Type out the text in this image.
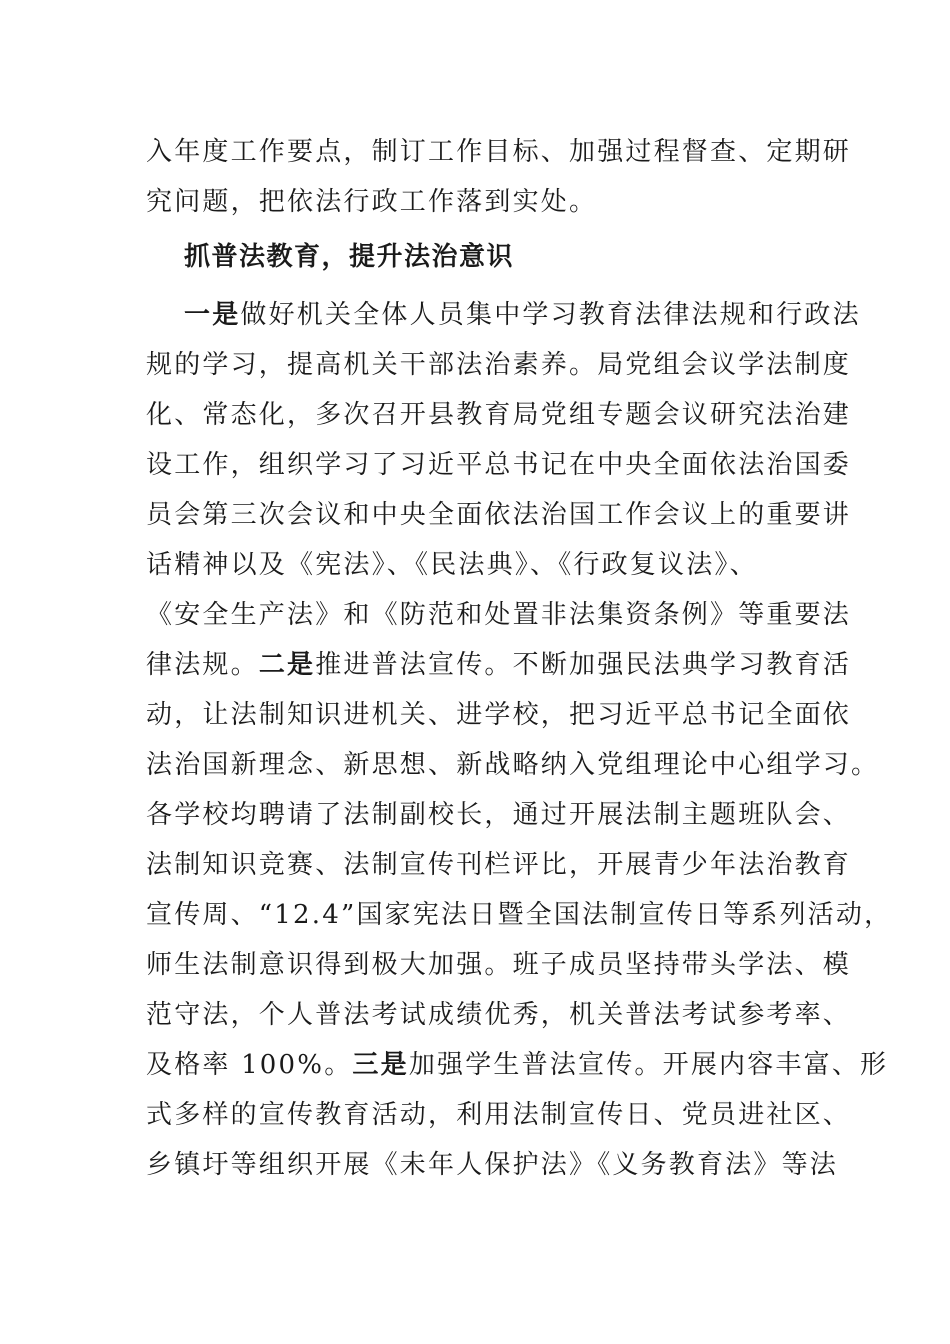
入年度工作要点，制订工作目标、加强过程督查、定期研
究问题，把依法行政工作落到实处。
抓普法教育，提升法治意识
一是做好机关全体人员集中学习教育法律法规和行政法
规的学习，提高机关干部法治素养。局党组会议学法制度
化、常态化，多次召开县教育局党组专题会议研究法治建
设工作，组织学习了习近平总书记在中央全面依法治国委
员会第三次会议和中央全面依法治国工作会议上的重要讲
话精神以及《宪法》、《民法典》、《行政复议法》、
《安全生产法》和《防范和处置非法集资条例》等重要法
律法规。二是推进普法宣传。不断加强民法典学习教育活
动，让法制知识进机关、进学校，把习近平总书记全面依
法治国新理念、新思想、新战略纳入党组理论中心组学习。
各学校均聘请了法制副校长，通过开展法制主题班队会、
法制知识竞赛、法制宣传刊栏评比，开展青少年法治教育
宣传周、“12.4”国家宪法日暨全国法制宣传日等系列活动，
师生法制意识得到极大加强。班子成员坚持带头学法、模
范守法，个人普法考试成绩优秀，机关普法考试参考率、
及格率 100%。三是加强学生普法宣传。开展内容丰富、形
式多样的宣传教育活动，利用法制宣传日、党员进社区、
乡镇圩等组织开展《未年人保护法》《义务教育法》等法
